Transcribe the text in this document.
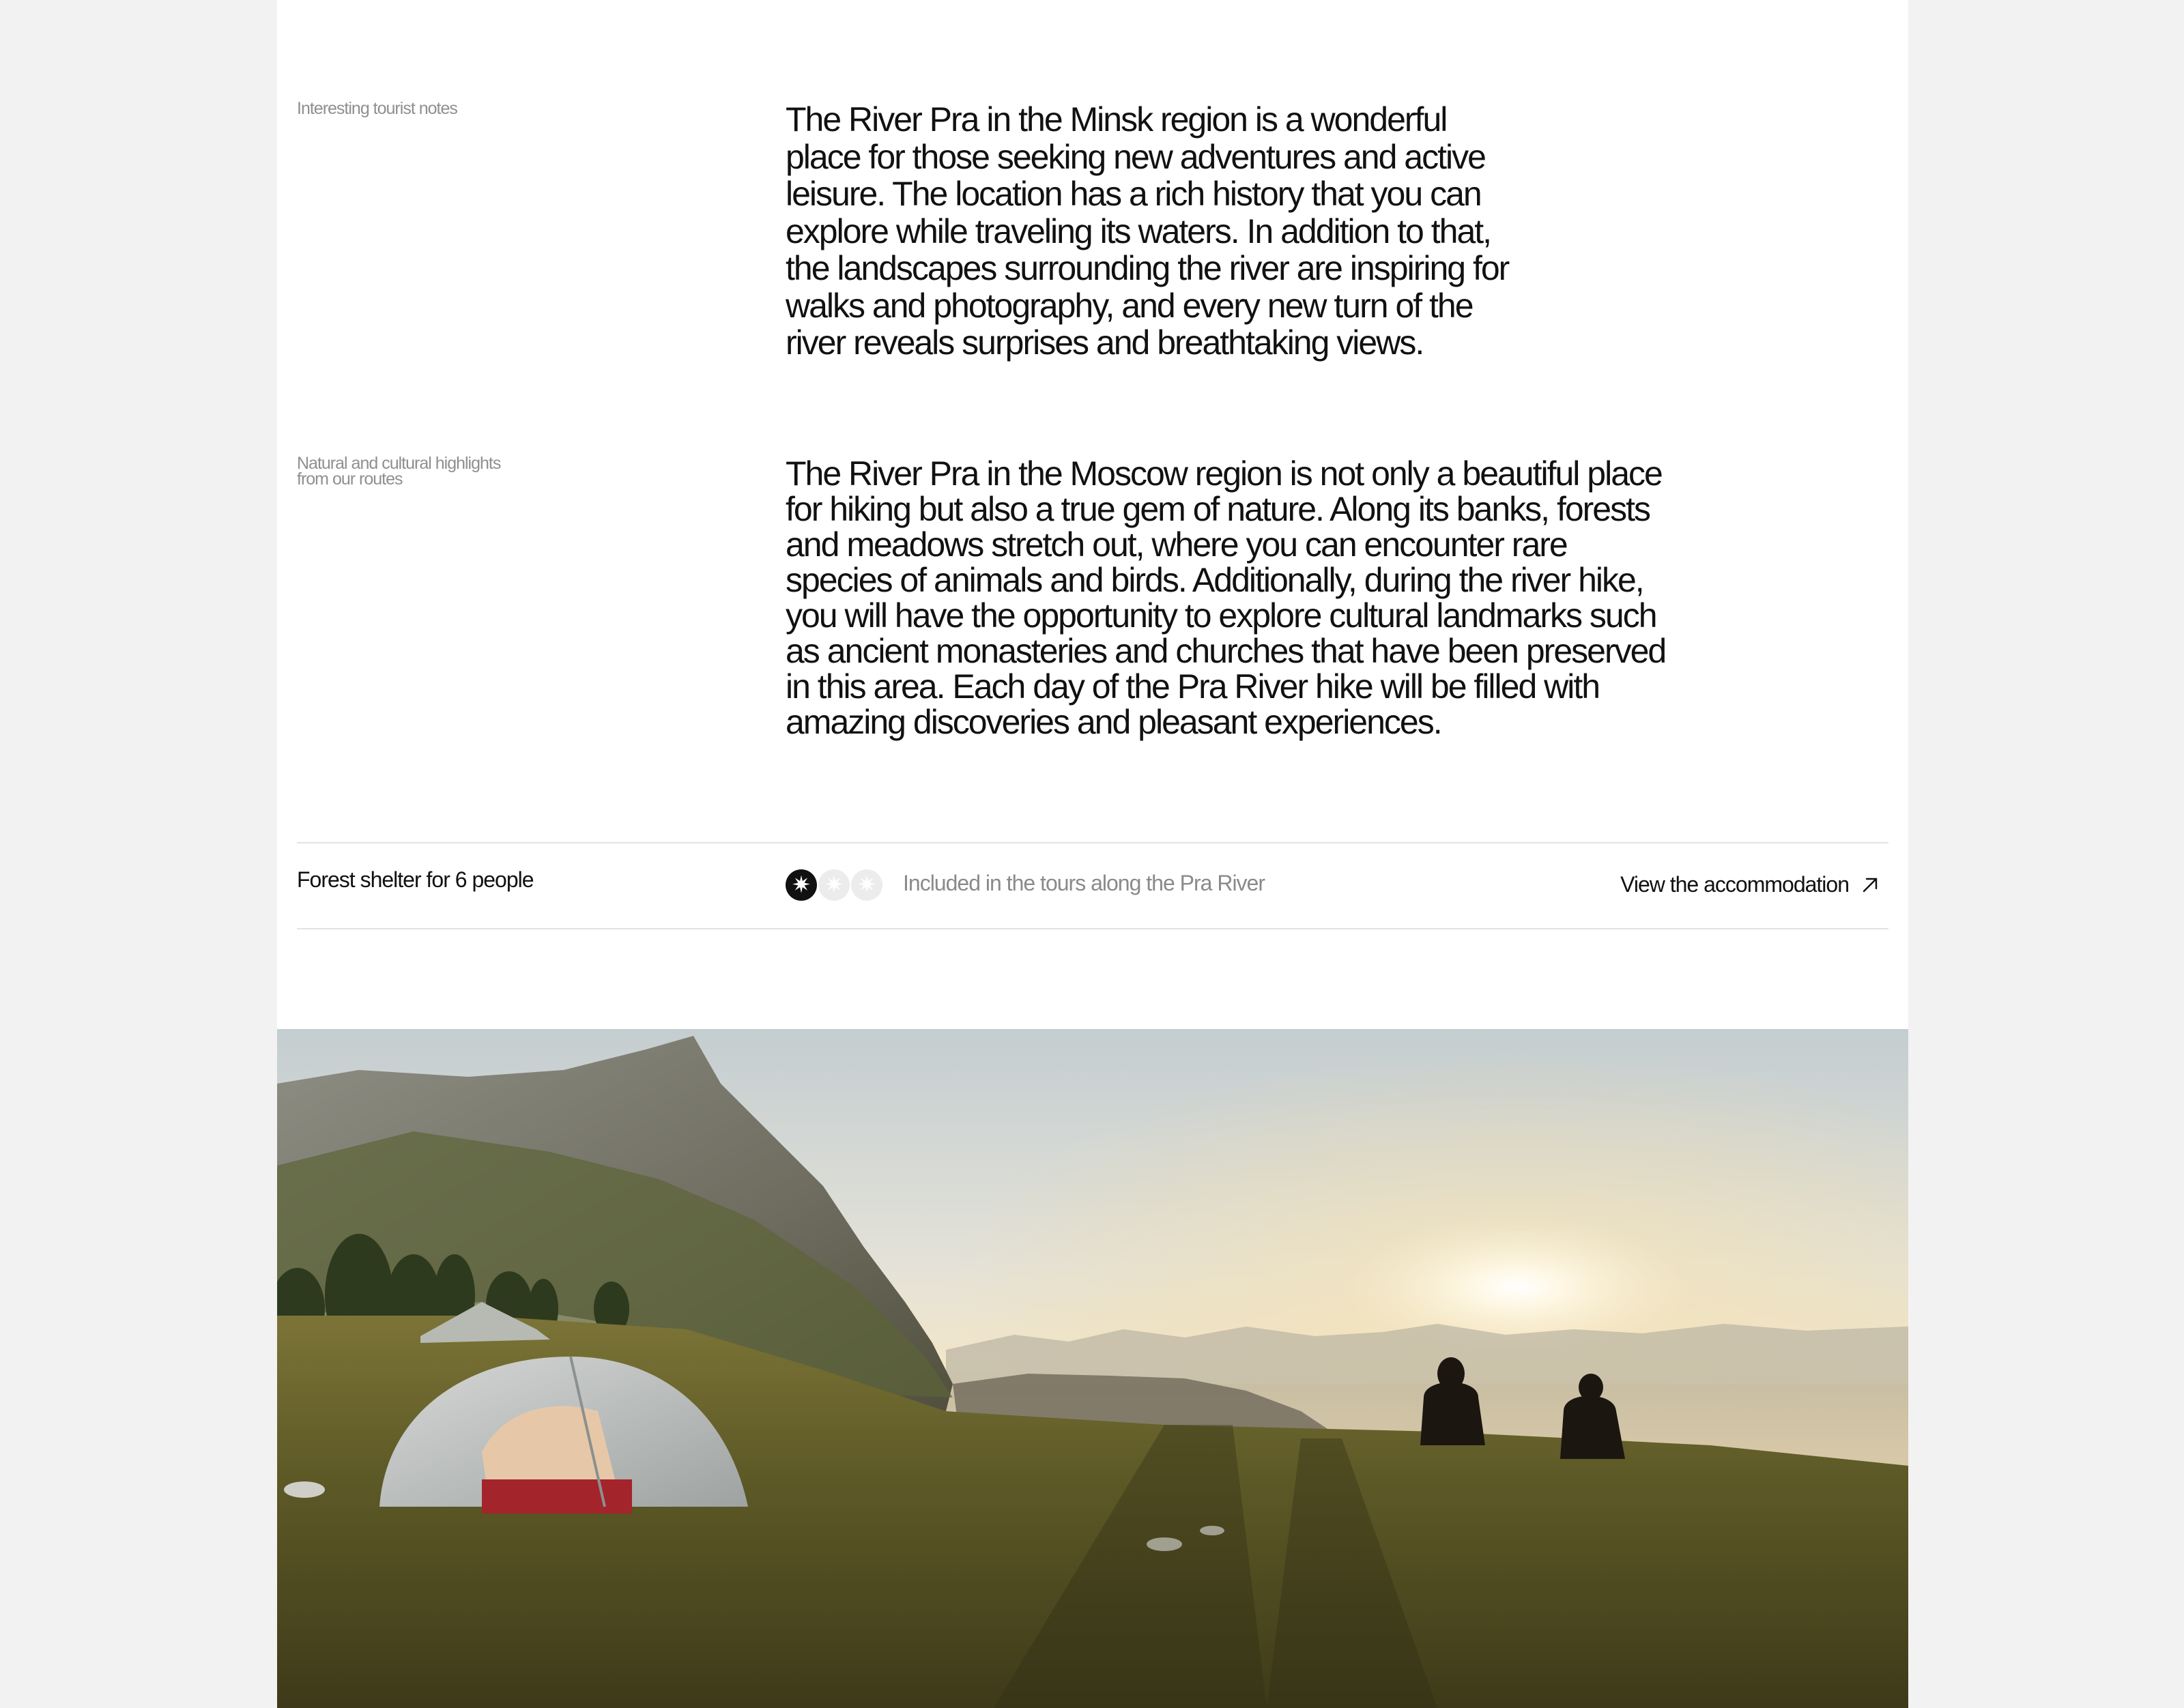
Interesting tourist notes	The River Pra in the Minsk region is a wonderful place for those seeking new adventures and active leisure. The location has a rich history that you can explore while traveling its waters. In addition to that, the landscapes surrounding the river are inspiring for walks and photography, and every new turn of the river reveals surprises and breathtaking views.

Natural and cultural highlights from our routes	The River Pra in the Moscow region is not only a beautiful place for hiking but also a true gem of nature. Along its banks, forests and meadows stretch out, where you can encounter rare species of animals and birds. Additionally, during the river hike, you will have the opportunity to explore cultural landmarks such as ancient monasteries and churches that have been preserved in this area. Each day of the Pra River hike will be filled with amazing discoveries and pleasant experiences.

Forest shelter for 6 people	✷ ✷ ✷ Included in the tours along the Pra River	View the accommodation
